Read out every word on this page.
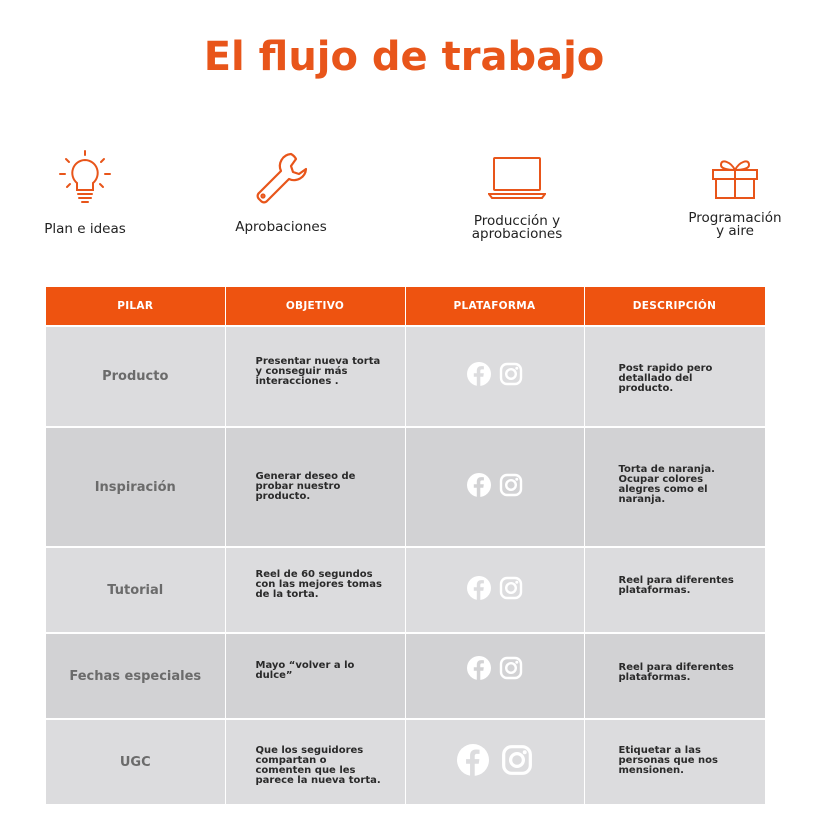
El flujo de trabajo
Plan e ideas	Aprobaciones	Producción y
aprobaciones
Programación
y aire
PILAR	OBJETIVO	PLATAFORMA	DESCRIPCIÓN
Producto	Presentar nueva torta y conseguir más interacciones .		Post rapido pero detallado del producto.
Inspiración	Generar deseo de probar nuestro producto.		Torta de naranja. Ocupar colores alegres como el naranja.
Tutorial	Reel de 60 segundos con las mejores tomas de la torta.		Reel para diferentes plataformas.
Fechas especiales	Mayo “volver a lo dulce”		Reel para diferentes plataformas.
UGC	Que los seguidores compartan o comenten que les parece la nueva torta.		Etiquetar a las personas que nos mensionen.
